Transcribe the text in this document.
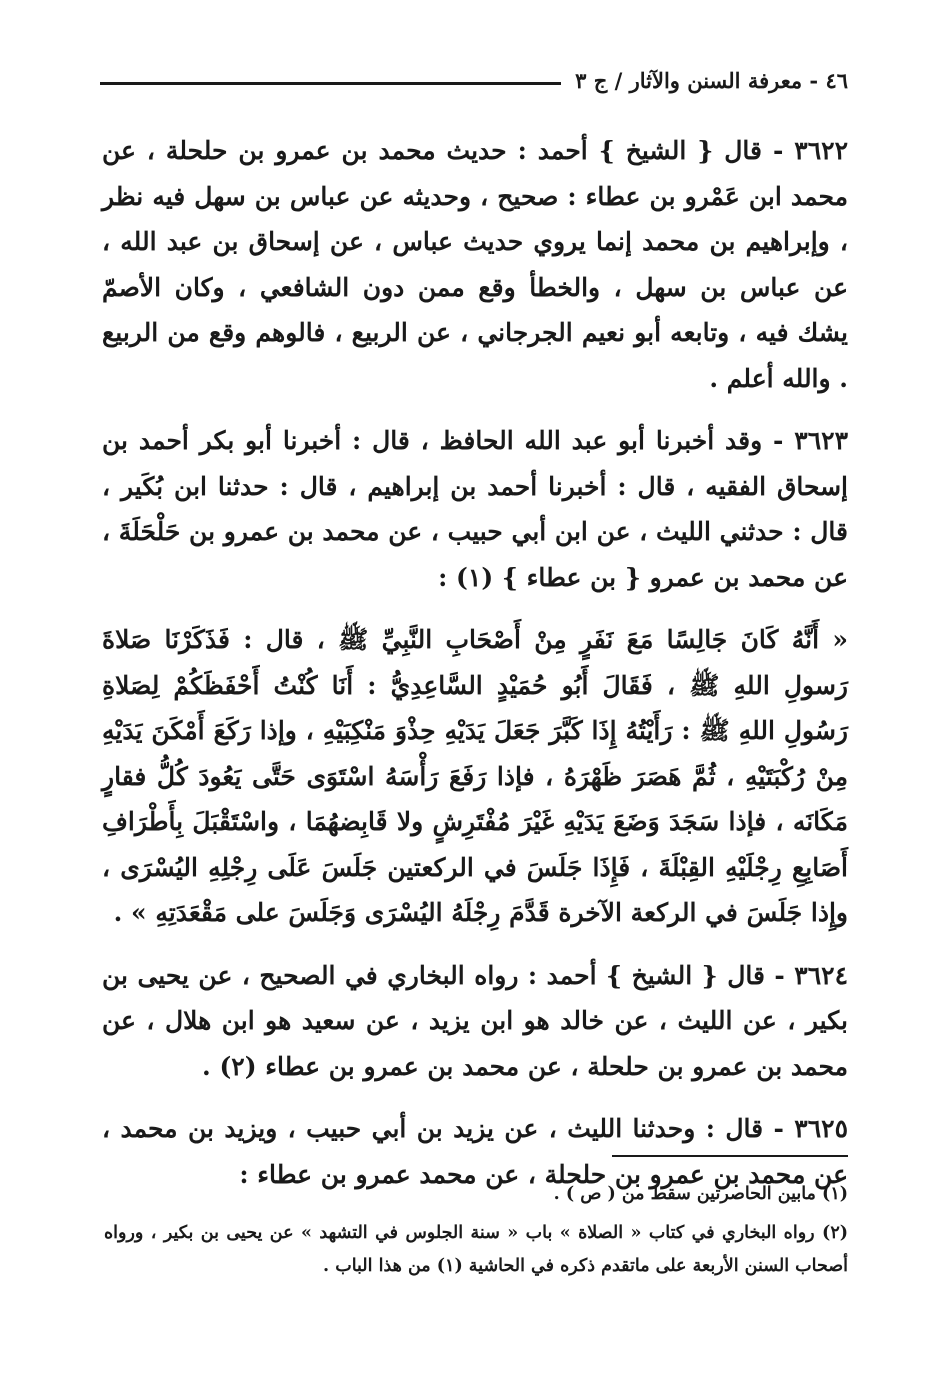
٤٦ - معرفة السنن والآثار / ج ٣

٣٦٢٢ - قال { الشيخ } أحمد : حديث محمد بن عمرو بن حلحلة ، عن محمد ابن عَمْرو بن عطاء : صحيح ، وحديثه عن عباس بن سهل فيه نظر ، وإبراهيم بن محمد إنما يروي حديث عباس ، عن إسحاق بن عبد الله ، عن عباس بن سهل ، والخطأ وقع ممن دون الشافعي ، وكان الأصمّ يشك فيه ، وتابعه أبو نعيم الجرجاني ، عن الربيع ، فالوهم وقع من الربيع . والله أعلم .

٣٦٢٣ - وقد أخبرنا أبو عبد الله الحافظ ، قال : أخبرنا أبو بكر أحمد بن إسحاق الفقيه ، قال : أخبرنا أحمد بن إبراهيم ، قال : حدثنا ابن بُكَير ، قال : حدثني الليث ، عن ابن أبي حبيب ، عن محمد بن عمرو بن حَلْحَلَةَ ، عن محمد بن عمرو { بن عطاء } (١) :

« أَنَّهُ كَانَ جَالِسًا مَعَ نَفَرٍ مِنْ أَصْحَابِ النَّبِيِّ ﷺ ، قال : فَذَكَرْنَا صَلاةَ رَسولِ اللهِ ﷺ ، فَقَالَ أَبُو حُمَيْدٍ السَّاعِدِيُّ : أَنَا كُنْتُ أَحْفَظَكُمْ لِصَلاةِ رَسُولِ اللهِ ﷺ : رَأَيْتُهُ إِذَا كَبَّرَ جَعَلَ يَدَيْهِ حِذْوَ مَنْكِبَيْهِ ، وإذا رَكَعَ أَمْكَنَ يَدَيْهِ مِنْ رُكْبَتَيْهِ ، ثُمَّ هَصَرَ ظَهْرَهُ ، فإذا رَفَعَ رَأْسَهُ اسْتَوَى حَتَّى يَعُودَ كُلُّ فقارٍ مَكَانَه ، فإذا سَجَدَ وَضَعَ يَدَيْهِ غَيْرَ مُفْتَرِشٍ ولا قَابِضهُمَا ، واسْتَقْبَلَ بِأَطْرَافِ أَصَابِعِ رِجْلَيْهِ القِبْلَةَ ، فَإِذَا جَلَسَ في الركعتين جَلَسَ عَلَى رِجْلِهِ اليُسْرَى ، وإِذا جَلَسَ في الركعة الآخرة قَدَّمَ رِجْلَهُ اليُسْرَى وَجَلَسَ على مَقْعَدَتِهِ » .

٣٦٢٤ - قال { الشيخ } أحمد : رواه البخاري في الصحيح ، عن يحيى بن بكير ، عن الليث ، عن خالد هو ابن يزيد ، عن سعيد هو ابن هلال ، عن محمد بن عمرو بن حلحلة ، عن محمد بن عمرو بن عطاء (٢) .

٣٦٢٥ - قال : وحدثنا الليث ، عن يزيد بن أبي حبيب ، ويزيد بن محمد ، عن محمد بن عمرو بن حلحلة ، عن محمد عمرو بن عطاء :

(١) مابين الحاصرتين سقط من ( ص ) .

(٢) رواه البخاري في كتاب « الصلاة » باب « سنة الجلوس في التشهد » عن يحيى بن بكير ، ورواه أصحاب السنن الأربعة على ماتقدم ذكره في الحاشية (١) من هذا الباب .
